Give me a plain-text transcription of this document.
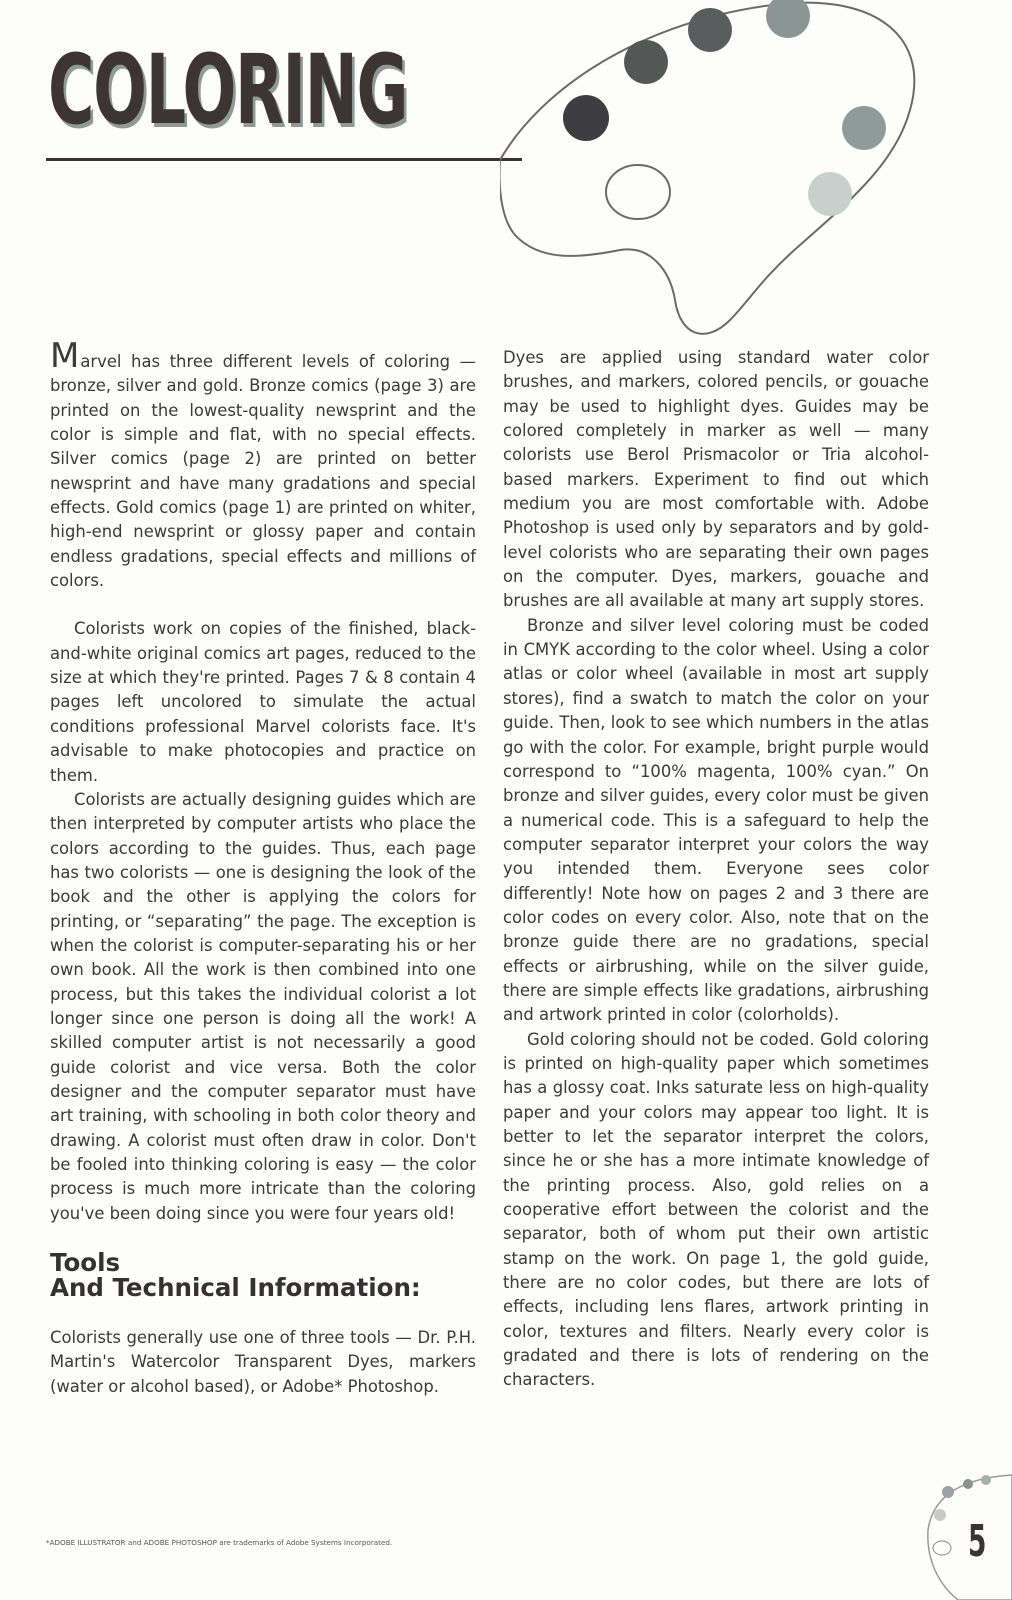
COLORING

Marvel has three different levels of coloring — bronze, silver and gold. Bronze comics (page 3) are printed on the lowest-quality newsprint and the color is simple and flat, with no special effects. Silver comics (page 2) are printed on better newsprint and have many gradations and special effects. Gold comics (page 1) are printed on whiter, high-end newsprint or glossy paper and contain endless gradations, special effects and millions of colors.

Colorists work on copies of the finished, black-and-white original comics art pages, reduced to the size at which they're printed. Pages 7 & 8 contain 4 pages left uncolored to simulate the actual conditions professional Marvel colorists face. It's advisable to make photocopies and practice on them.

Colorists are actually designing guides which are then interpreted by computer artists who place the colors according to the guides. Thus, each page has two colorists — one is designing the look of the book and the other is applying the colors for printing, or “separating” the page. The exception is when the colorist is computer-separating his or her own book. All the work is then combined into one process, but this takes the individual colorist a lot longer since one person is doing all the work! A skilled computer artist is not necessarily a good guide colorist and vice versa. Both the color designer and the computer separator must have art training, with schooling in both color theory and drawing. A colorist must often draw in color. Don't be fooled into thinking coloring is easy — the color process is much more intricate than the coloring you've been doing since you were four years old!

Tools
And Technical Information:

Colorists generally use one of three tools — Dr. P.H. Martin's Watercolor Transparent Dyes, markers (water or alcohol based), or Adobe* Photoshop.

Dyes are applied using standard water color brushes, and markers, colored pencils, or gouache may be used to highlight dyes. Guides may be colored completely in marker as well — many colorists use Berol Prismacolor or Tria alcohol-based markers. Experiment to find out which medium you are most comfortable with. Adobe Photoshop is used only by separators and by gold-level colorists who are separating their own pages on the computer. Dyes, markers, gouache and brushes are all available at many art supply stores.

Bronze and silver level coloring must be coded in CMYK according to the color wheel. Using a color atlas or color wheel (available in most art supply stores), find a swatch to match the color on your guide. Then, look to see which numbers in the atlas go with the color. For example, bright purple would correspond to “100% magenta, 100% cyan.” On bronze and silver guides, every color must be given a numerical code. This is a safeguard to help the computer separator interpret your colors the way you intended them. Everyone sees color differently! Note how on pages 2 and 3 there are color codes on every color. Also, note that on the bronze guide there are no gradations, special effects or airbrushing, while on the silver guide, there are simple effects like gradations, airbrushing and artwork printed in color (colorholds).

Gold coloring should not be coded. Gold coloring is printed on high-quality paper which sometimes has a glossy coat. Inks saturate less on high-quality paper and your colors may appear too light. It is better to let the separator interpret the colors, since he or she has a more intimate knowledge of the printing process. Also, gold relies on a cooperative effort between the colorist and the separator, both of whom put their own artistic stamp on the work. On page 1, the gold guide, there are no color codes, but there are lots of effects, including lens flares, artwork printing in color, textures and filters. Nearly every color is gradated and there is lots of rendering on the characters.

*ADOBE ILLUSTRATOR and ADOBE PHOTOSHOP are trademarks of Adobe Systems Incorporated.	5
